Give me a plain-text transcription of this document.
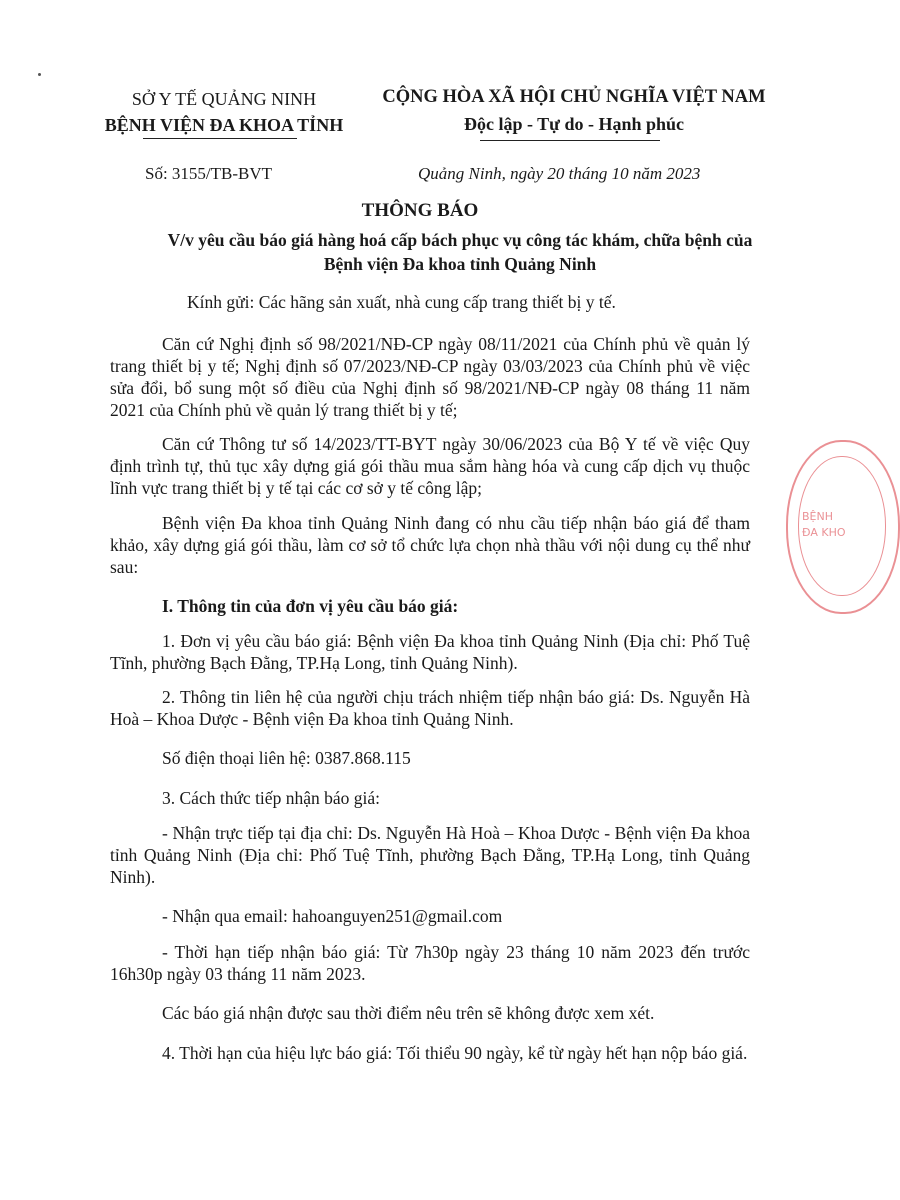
SỞ Y TẾ QUẢNG NINH
BỆNH VIỆN ĐA KHOA TỈNH
CỘNG HÒA XÃ HỘI CHỦ NGHĨA VIỆT NAM
Độc lập - Tự do - Hạnh phúc
Số: 3155/TB-BVT	Quảng Ninh, ngày 20 tháng 10 năm 2023
THÔNG BÁO
V/v yêu cầu báo giá hàng hoá cấp bách phục vụ công tác khám, chữa bệnh của Bệnh viện Đa khoa tỉnh Quảng Ninh
Kính gửi: Các hãng sản xuất, nhà cung cấp trang thiết bị y tế.
Căn cứ Nghị định số 98/2021/NĐ-CP ngày 08/11/2021 của Chính phủ về quản lý trang thiết bị y tế; Nghị định số 07/2023/NĐ-CP ngày 03/03/2023 của Chính phủ về việc sửa đổi, bổ sung một số điều của Nghị định số 98/2021/NĐ-CP ngày 08 tháng 11 năm 2021 của Chính phủ về quản lý trang thiết bị y tế;
Căn cứ Thông tư số 14/2023/TT-BYT ngày 30/06/2023 của Bộ Y tế về việc Quy định trình tự, thủ tục xây dựng giá gói thầu mua sắm hàng hóa và cung cấp dịch vụ thuộc lĩnh vực trang thiết bị y tế tại các cơ sở y tế công lập;
Bệnh viện Đa khoa tỉnh Quảng Ninh đang có nhu cầu tiếp nhận báo giá để tham khảo, xây dựng giá gói thầu, làm cơ sở tổ chức lựa chọn nhà thầu với nội dung cụ thể như sau:
I. Thông tin của đơn vị yêu cầu báo giá:
1. Đơn vị yêu cầu báo giá: Bệnh viện Đa khoa tỉnh Quảng Ninh (Địa chỉ: Phố Tuệ Tĩnh, phường Bạch Đằng, TP.Hạ Long, tỉnh Quảng Ninh).
2. Thông tin liên hệ của người chịu trách nhiệm tiếp nhận báo giá: Ds. Nguyễn Hà Hoà – Khoa Dược - Bệnh viện Đa khoa tỉnh Quảng Ninh.
Số điện thoại liên hệ: 0387.868.115
3. Cách thức tiếp nhận báo giá:
- Nhận trực tiếp tại địa chỉ: Ds. Nguyễn Hà Hoà – Khoa Dược - Bệnh viện Đa khoa tỉnh Quảng Ninh (Địa chỉ: Phố Tuệ Tĩnh, phường Bạch Đằng, TP.Hạ Long, tỉnh Quảng Ninh).
- Nhận qua email: hahoanguyen251@gmail.com
- Thời hạn tiếp nhận báo giá: Từ 7h30p ngày 23 tháng 10 năm 2023 đến trước 16h30p ngày 03 tháng 11 năm 2023.
Các báo giá nhận được sau thời điểm nêu trên sẽ không được xem xét.
4. Thời hạn của hiệu lực báo giá: Tối thiểu 90 ngày, kể từ ngày hết hạn nộp báo giá.
BỆNH
ĐA KHO
